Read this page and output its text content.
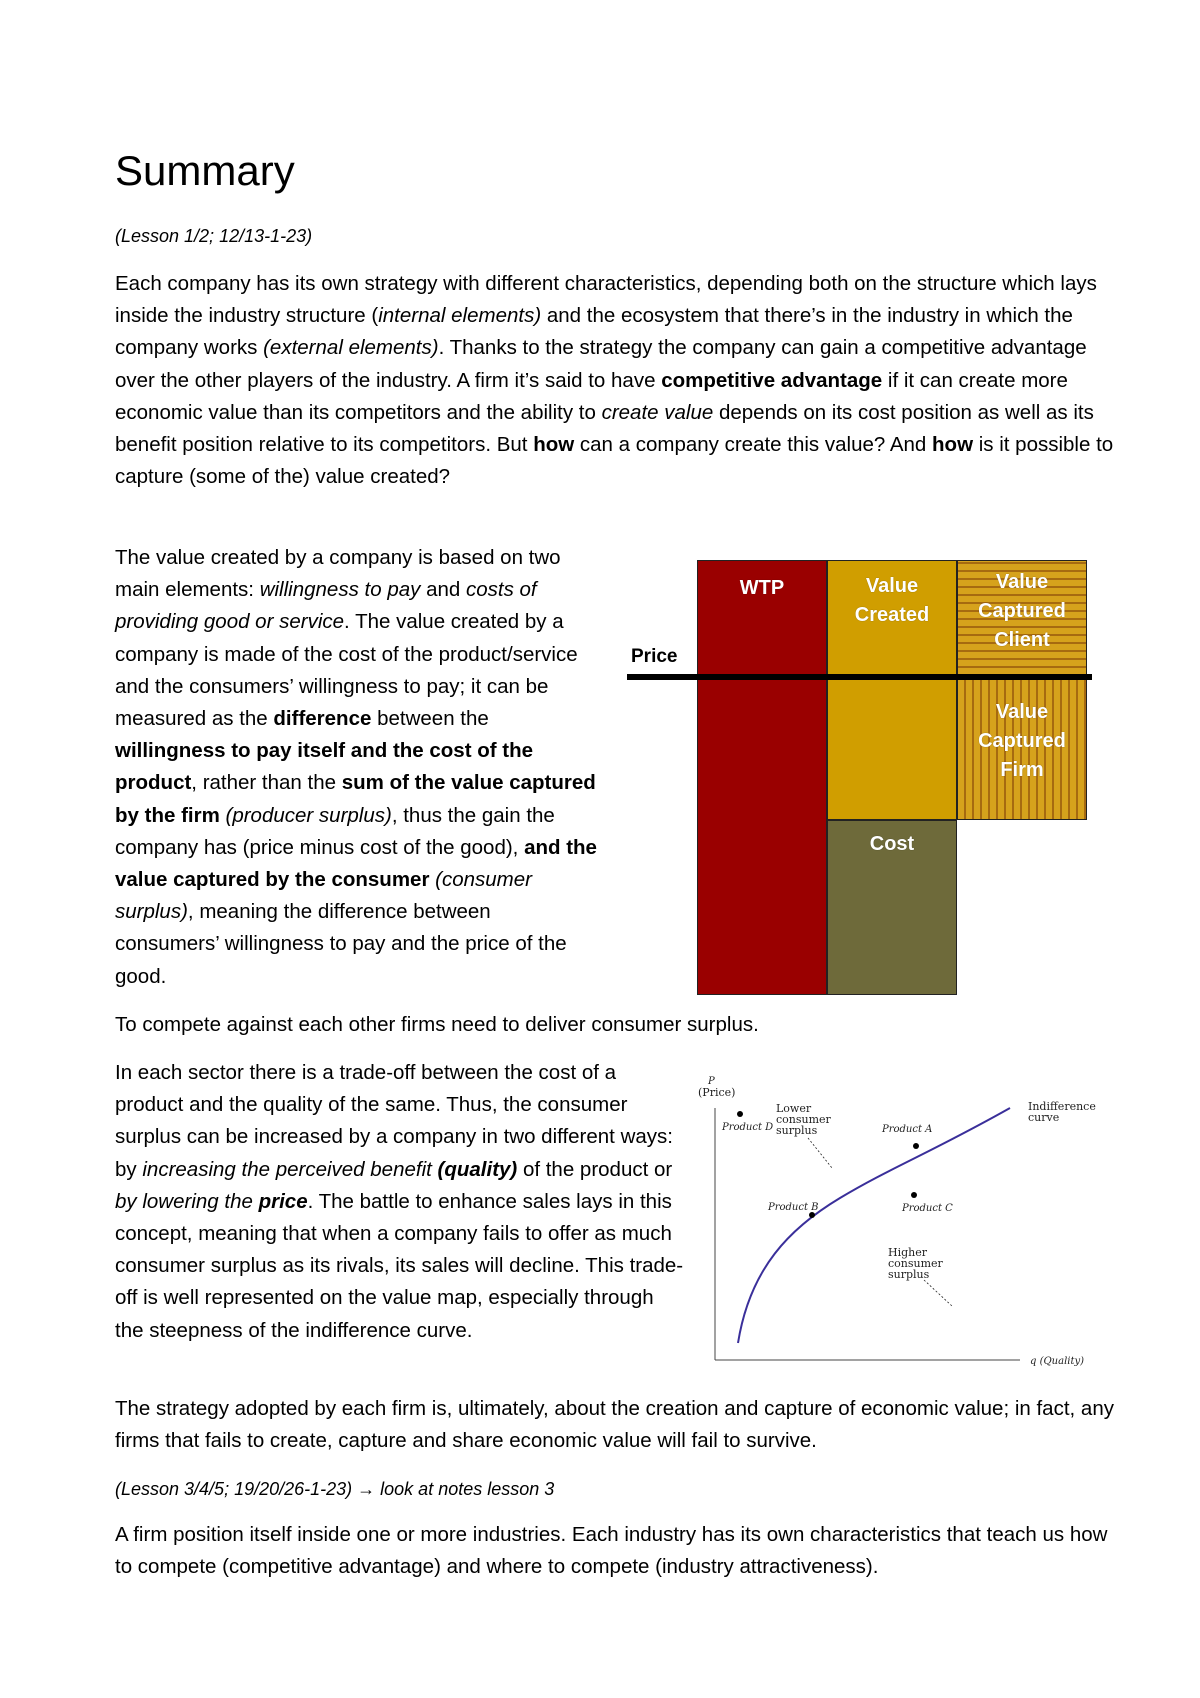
Summary
(Lesson 1/2; 12/13-1-23)

Each company has its own strategy with different characteristics, depending both on the structure which lays inside the industry structure (internal elements) and the ecosystem that there’s in the industry in which the company works (external elements). Thanks to the strategy the company can gain a competitive advantage over the other players of the industry. A firm it’s said to have competitive advantage if it can create more economic value than its competitors and the ability to create value depends on its cost position as well as its benefit position relative to its competitors. But how can a company create this value? And how is it possible to capture (some of the) value created?

The value created by a company is based on two main elements: willingness to pay and costs of providing good or service. The value created by a company is made of the cost of the product/service and the consumers’ willingness to pay; it can be measured as the difference between the willingness to pay itself and the cost of the product, rather than the sum of the value captured by the firm (producer surplus), thus the gain the company has (price minus cost of the good), and the value captured by the consumer (consumer surplus), meaning the difference between consumers’ willingness to pay and the price of the good.

WTP	Value Created
Cost
Value Captured Client
Value Captured Firm
Price

To compete against each other firms need to deliver consumer surplus.

In each sector there is a trade-off between the cost of a product and the quality of the same. Thus, the consumer surplus can be increased by a company in two different ways: by increasing the perceived benefit (quality) of the product or by lowering the price. The battle to enhance sales lays in this concept, meaning that when a company fails to offer as much consumer surplus as its rivals, its sales will decline. This trade-off is well represented on the value map, especially through the steepness of the indifference curve.

P
(Price)
q (Quality)
Product D	Product A
Product B	Product C
Lower
consumer
surplus
Higher
consumer
surplus
Indifference
curve

The strategy adopted by each firm is, ultimately, about the creation and capture of economic value; in fact, any firms that fails to create, capture and share economic value will fail to survive.

(Lesson 3/4/5; 19/20/26-1-23) → look at notes lesson 3

A firm position itself inside one or more industries. Each industry has its own characteristics that teach us how to compete (competitive advantage) and where to compete (industry attractiveness).
